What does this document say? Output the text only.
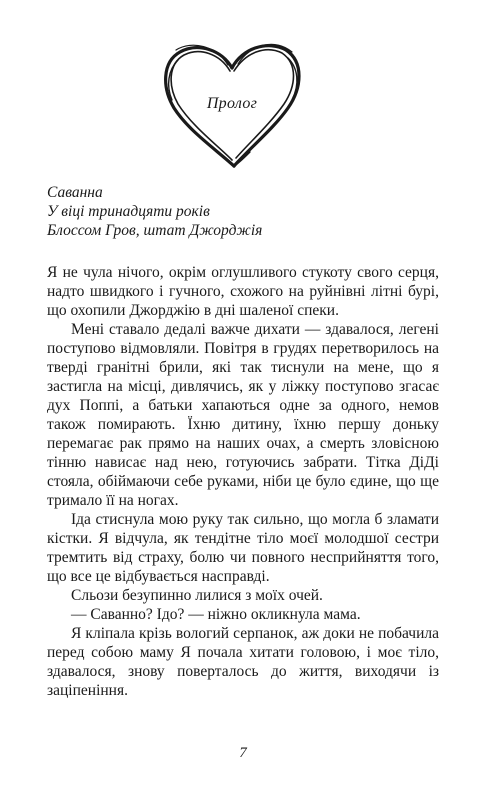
Пролог
Саванна
У віці тринадцяти років
Блоссом Гров, штат Джорджія

Я не чула нічого, окрім оглушливого стукоту свого серця, надто швидкого і гучного, схожого на руйнівні літні бурі, що охопили Джорджію в дні шаленої спеки.

Мені ставало дедалі важче дихати — здавалося, легені поступово відмовляли. Повітря в грудях перетворилось на тверді гранітні брили, які так тиснули на мене, що я застигла на місці, дивлячись, як у ліжку поступово згасає дух Поппі, а батьки хапаються одне за одного, немов також помирають. Їхню дитину, їхню першу доньку перемагає рак прямо на наших очах, а смерть зловісною тінню нависає над нею, готуючись забрати. Тітка ДіДі стояла, обіймаючи себе руками, ніби це було єдине, що ще тримало її на ногах.

Іда стиснула мою руку так сильно, що могла б зламати кістки. Я відчула, як тендітне тіло моєї молодшої сестри тремтить від страху, болю чи повного несприйняття того, що все це відбувається насправді.

Сльози безупинно лилися з моїх очей.

— Саванно? Ідо? — ніжно окликнула мама.

Я кліпала крізь вологий серпанок, аж доки не побачила перед собою маму Я почала хитати головою, і моє тіло, здавалося, знову поверталось до життя, виходячи із заціпеніння.

7
